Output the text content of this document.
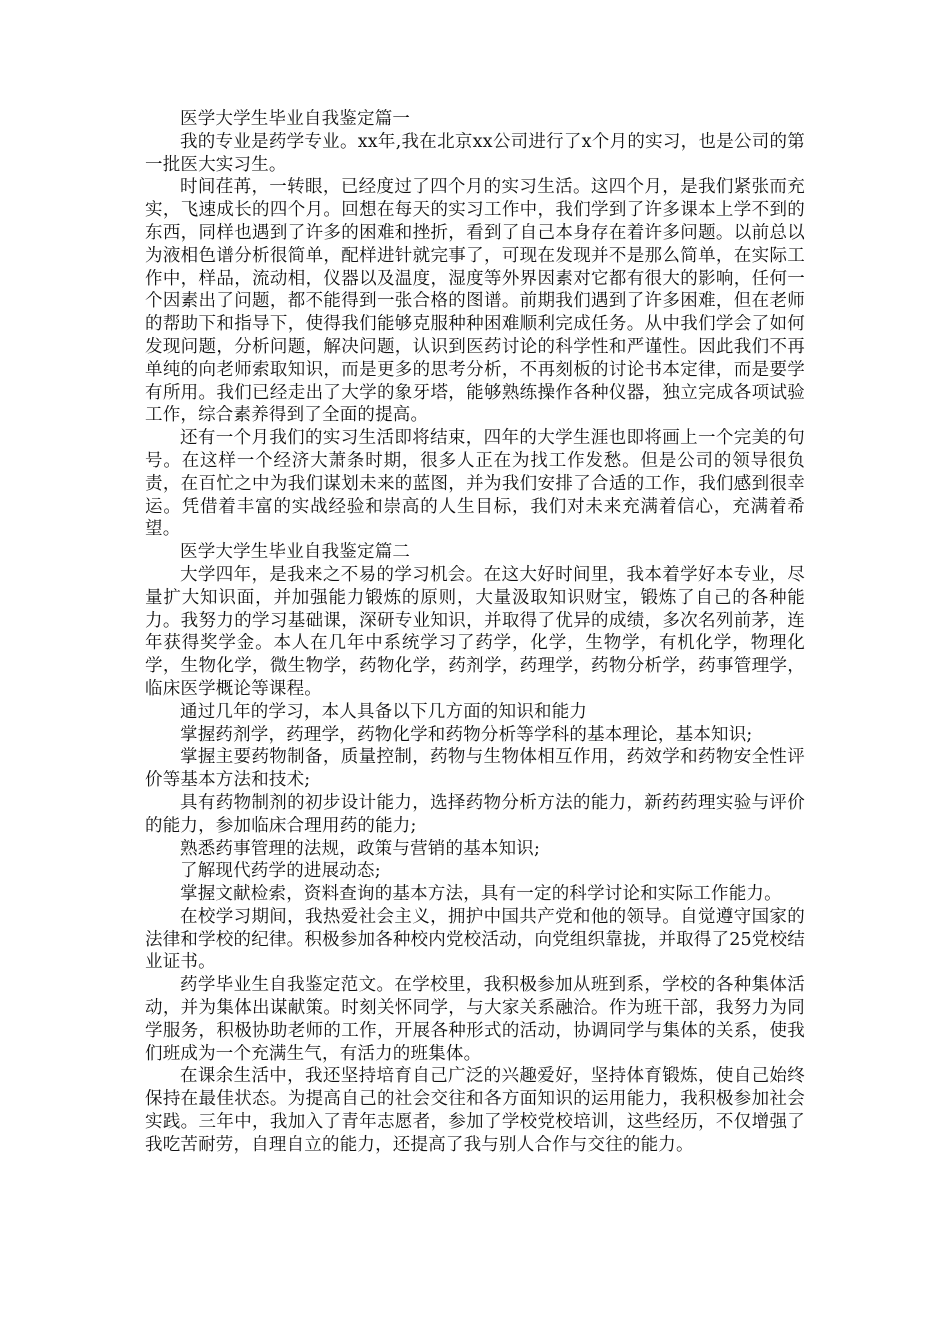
医学大学生毕业自我鉴定篇一

我的专业是药学专业。xx年,我在北京xx公司进行了x个月的实习，也是公司的第一批医大实习生。

时间荏苒，一转眼，已经度过了四个月的实习生活。这四个月，是我们紧张而充实，飞速成长的四个月。回想在每天的实习工作中，我们学到了许多课本上学不到的东西，同样也遇到了许多的困难和挫折，看到了自己本身存在着许多问题。以前总以为液相色谱分析很简单，配样进针就完事了，可现在发现并不是那么简单，在实际工作中，样品，流动相，仪器以及温度，湿度等外界因素对它都有很大的影响，任何一个因素出了问题，都不能得到一张合格的图谱。前期我们遇到了许多困难，但在老师的帮助下和指导下，使得我们能够克服种种困难顺利完成任务。从中我们学会了如何发现问题，分析问题，解决问题，认识到医药讨论的科学性和严谨性。因此我们不再单纯的向老师索取知识，而是更多的思考分析，不再刻板的讨论书本定律，而是要学有所用。我们已经走出了大学的象牙塔，能够熟练操作各种仪器，独立完成各项试验工作，综合素养得到了全面的提高。

还有一个月我们的实习生活即将结束，四年的大学生涯也即将画上一个完美的句号。在这样一个经济大萧条时期，很多人正在为找工作发愁。但是公司的领导很负责，在百忙之中为我们谋划未来的蓝图，并为我们安排了合适的工作，我们感到很幸运。凭借着丰富的实战经验和崇高的人生目标，我们对未来充满着信心，充满着希望。

医学大学生毕业自我鉴定篇二

大学四年，是我来之不易的学习机会。在这大好时间里，我本着学好本专业，尽量扩大知识面，并加强能力锻炼的原则，大量汲取知识财宝，锻炼了自己的各种能力。我努力的学习基础课，深研专业知识，并取得了优异的成绩，多次名列前茅，连年获得奖学金。本人在几年中系统学习了药学，化学，生物学，有机化学，物理化学，生物化学，微生物学，药物化学，药剂学，药理学，药物分析学，药事管理学，临床医学概论等课程。

通过几年的学习，本人具备以下几方面的知识和能力

掌握药剂学，药理学，药物化学和药物分析等学科的基本理论，基本知识;

掌握主要药物制备，质量控制，药物与生物体相互作用，药效学和药物安全性评价等基本方法和技术;

具有药物制剂的初步设计能力，选择药物分析方法的能力，新药药理实验与评价的能力，参加临床合理用药的能力;

熟悉药事管理的法规，政策与营销的基本知识;

了解现代药学的进展动态;

掌握文献检索，资料查询的基本方法，具有一定的科学讨论和实际工作能力。

在校学习期间，我热爱社会主义，拥护中国共产党和他的领导。自觉遵守国家的法律和学校的纪律。积极参加各种校内党校活动，向党组织靠拢，并取得了25党校结业证书。

药学毕业生自我鉴定范文。在学校里，我积极参加从班到系，学校的各种集体活动，并为集体出谋献策。时刻关怀同学，与大家关系融洽。作为班干部，我努力为同学服务，积极协助老师的工作，开展各种形式的活动，协调同学与集体的关系，使我们班成为一个充满生气，有活力的班集体。

在课余生活中，我还坚持培育自己广泛的兴趣爱好，坚持体育锻炼，使自己始终保持在最佳状态。为提高自己的社会交往和各方面知识的运用能力，我积极参加社会实践。三年中，我加入了青年志愿者，参加了学校党校培训，这些经历，不仅增强了我吃苦耐劳，自理自立的能力，还提高了我与别人合作与交往的能力。
